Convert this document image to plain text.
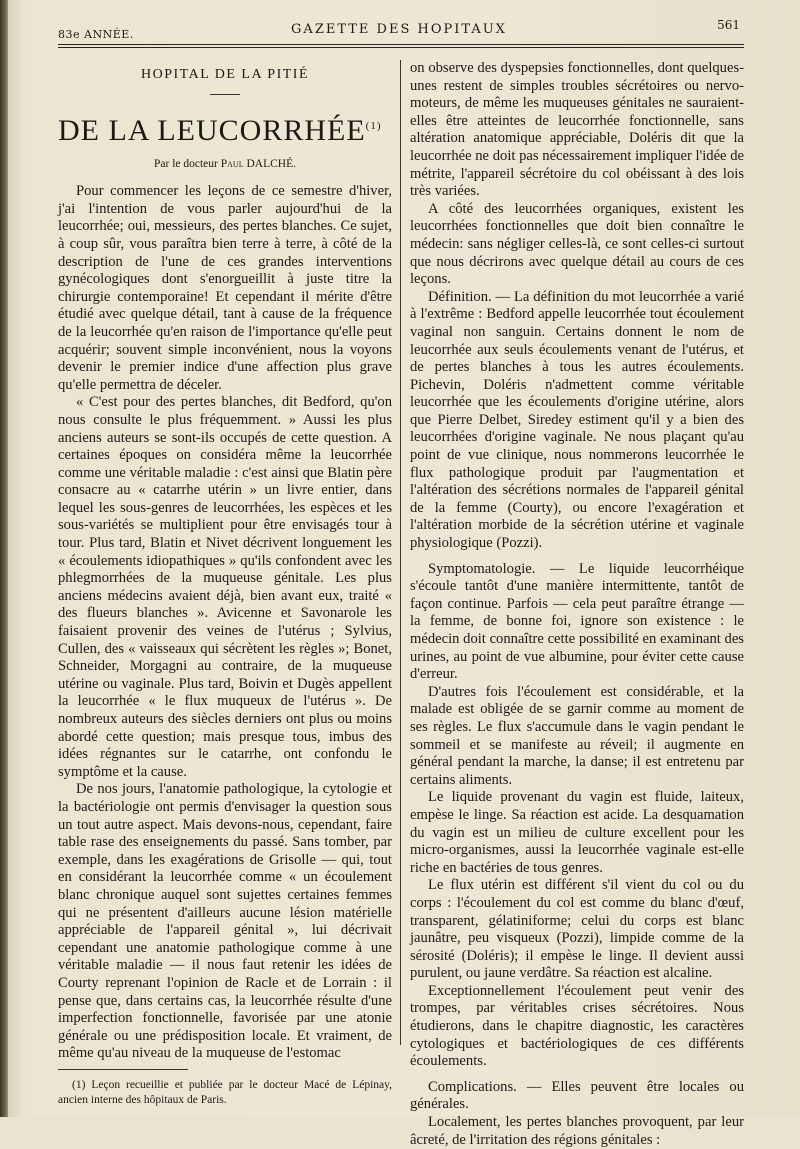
83e ANNÉE.	GAZETTE DES HOPITAUX	561
HOPITAL DE LA PITIÉ
DE LA LEUCORRHÉE$^{(1)}$
Par le docteur Paul DALCHÉ.

Pour commencer les leçons de ce semestre d'hiver, j'ai l'intention de vous parler aujourd'hui de la leucorrhée; oui, messieurs, des pertes blanches. Ce sujet, à coup sûr, vous paraîtra bien terre à terre, à côté de la description de l'une de ces grandes interventions gynécologiques dont s'enorgueillit à juste titre la chirurgie contemporaine! Et cependant il mérite d'être étudié avec quelque détail, tant à cause de la fréquence de la leucorrhée qu'en raison de l'importance qu'elle peut acquérir; souvent simple inconvénient, nous la voyons devenir le premier indice d'une affection plus grave qu'elle permettra de déceler.

« C'est pour des pertes blanches, dit Bedford, qu'on nous consulte le plus fréquemment. » Aussi les plus anciens auteurs se sont-ils occupés de cette question. A certaines époques on considéra même la leucorrhée comme une véritable maladie : c'est ainsi que Blatin père consacre au « catarrhe utérin » un livre entier, dans lequel les sous-genres de leucorrhées, les espèces et les sous-variétés se multiplient pour être envisagés tour à tour. Plus tard, Blatin et Nivet décrivent longuement les « écoulements idiopathiques » qu'ils confondent avec les phlegmorrhées de la muqueuse génitale. Les plus anciens médecins avaient déjà, bien avant eux, traité « des flueurs blanches ». Avicenne et Savonarole les faisaient provenir des veines de l'utérus ; Sylvius, Cullen, des « vaisseaux qui sécrètent les règles »; Bonet, Schneider, Morgagni au contraire, de la muqueuse utérine ou vaginale. Plus tard, Boivin et Dugès appellent la leucorrhée « le flux muqueux de l'utérus ». De nombreux auteurs des siècles derniers ont plus ou moins abordé cette question; mais presque tous, imbus des idées régnantes sur le catarrhe, ont confondu le symptôme et la cause.

De nos jours, l'anatomie pathologique, la cytologie et la bactériologie ont permis d'envisager la question sous un tout autre aspect. Mais devons-nous, cependant, faire table rase des enseignements du passé. Sans tomber, par exemple, dans les exagérations de Grisolle — qui, tout en considérant la leucorrhée comme « un écoulement blanc chronique auquel sont sujettes certaines femmes qui ne présentent d'ailleurs aucune lésion matérielle appréciable de l'appareil génital », lui décrivait cependant une anatomie pathologique comme à une véritable maladie — il nous faut retenir les idées de Courty reprenant l'opinion de Racle et de Lorrain : il pense que, dans certains cas, la leucorrhée résulte d'une imperfection fonctionnelle, favorisée par une atonie générale ou une prédisposition locale. Et vraiment, de même qu'au niveau de la muqueuse de l'estomac

(1) Leçon recueillie et publiée par le docteur Macé de Lépinay, ancien interne des hôpitaux de Paris.

on observe des dyspepsies fonctionnelles, dont quelques-unes restent de simples troubles sécrétoires ou nervo-moteurs, de même les muqueuses génitales ne sauraient-elles être atteintes de leucorrhée fonctionnelle, sans altération anatomique appréciable, Doléris dit que la leucorrhée ne doit pas nécessairement impliquer l'idée de métrite, l'appareil sécrétoire du col obéissant à des lois très variées.

A côté des leucorrhées organiques, existent les leucorrhées fonctionnelles que doit bien connaître le médecin: sans négliger celles-là, ce sont celles-ci surtout que nous décrirons avec quelque détail au cours de ces leçons.

Définition. — La définition du mot leucorrhée a varié à l'extrême : Bedford appelle leucorrhée tout écoulement vaginal non sanguin. Certains donnent le nom de leucorrhée aux seuls écoulements venant de l'utérus, et de pertes blanches à tous les autres écoulements. Pichevin, Doléris n'admettent comme véritable leucorrhée que les écoulements d'origine utérine, alors que Pierre Delbet, Siredey estiment qu'il y a bien des leucorrhées d'origine vaginale. Ne nous plaçant qu'au point de vue clinique, nous nommerons leucorrhée le flux pathologique produit par l'augmentation et l'altération des sécrétions normales de l'appareil génital de la femme (Courty), ou encore l'exagération et l'altération morbide de la sécrétion utérine et vaginale physiologique (Pozzi).

Symptomatologie. — Le liquide leucorrhéique s'écoule tantôt d'une manière intermittente, tantôt de façon continue. Parfois — cela peut paraître étrange — la femme, de bonne foi, ignore son existence : le médecin doit connaître cette possibilité en examinant des urines, au point de vue albumine, pour éviter cette cause d'erreur.

D'autres fois l'écoulement est considérable, et la malade est obligée de se garnir comme au moment de ses règles. Le flux s'accumule dans le vagin pendant le sommeil et se manifeste au réveil; il augmente en général pendant la marche, la danse; il est entretenu par certains aliments.

Le liquide provenant du vagin est fluide, laiteux, empèse le linge. Sa réaction est acide. La desquamation du vagin est un milieu de culture excellent pour les micro-organismes, aussi la leucorrhée vaginale est-elle riche en bactéries de tous genres.

Le flux utérin est différent s'il vient du col ou du corps : l'écoulement du col est comme du blanc d'œuf, transparent, gélatiniforme; celui du corps est blanc jaunâtre, peu visqueux (Pozzi), limpide comme de la sérosité (Doléris); il empèse le linge. Il devient aussi purulent, ou jaune verdâtre. Sa réaction est alcaline.

Exceptionnellement l'écoulement peut venir des trompes, par véritables crises sécrétoires. Nous étudierons, dans le chapitre diagnostic, les caractères cytologiques et bactériologiques de ces différents écoulements.

Complications. — Elles peuvent être locales ou générales.

Localement, les pertes blanches provoquent, par leur âcreté, de l'irritation des régions génitales :
